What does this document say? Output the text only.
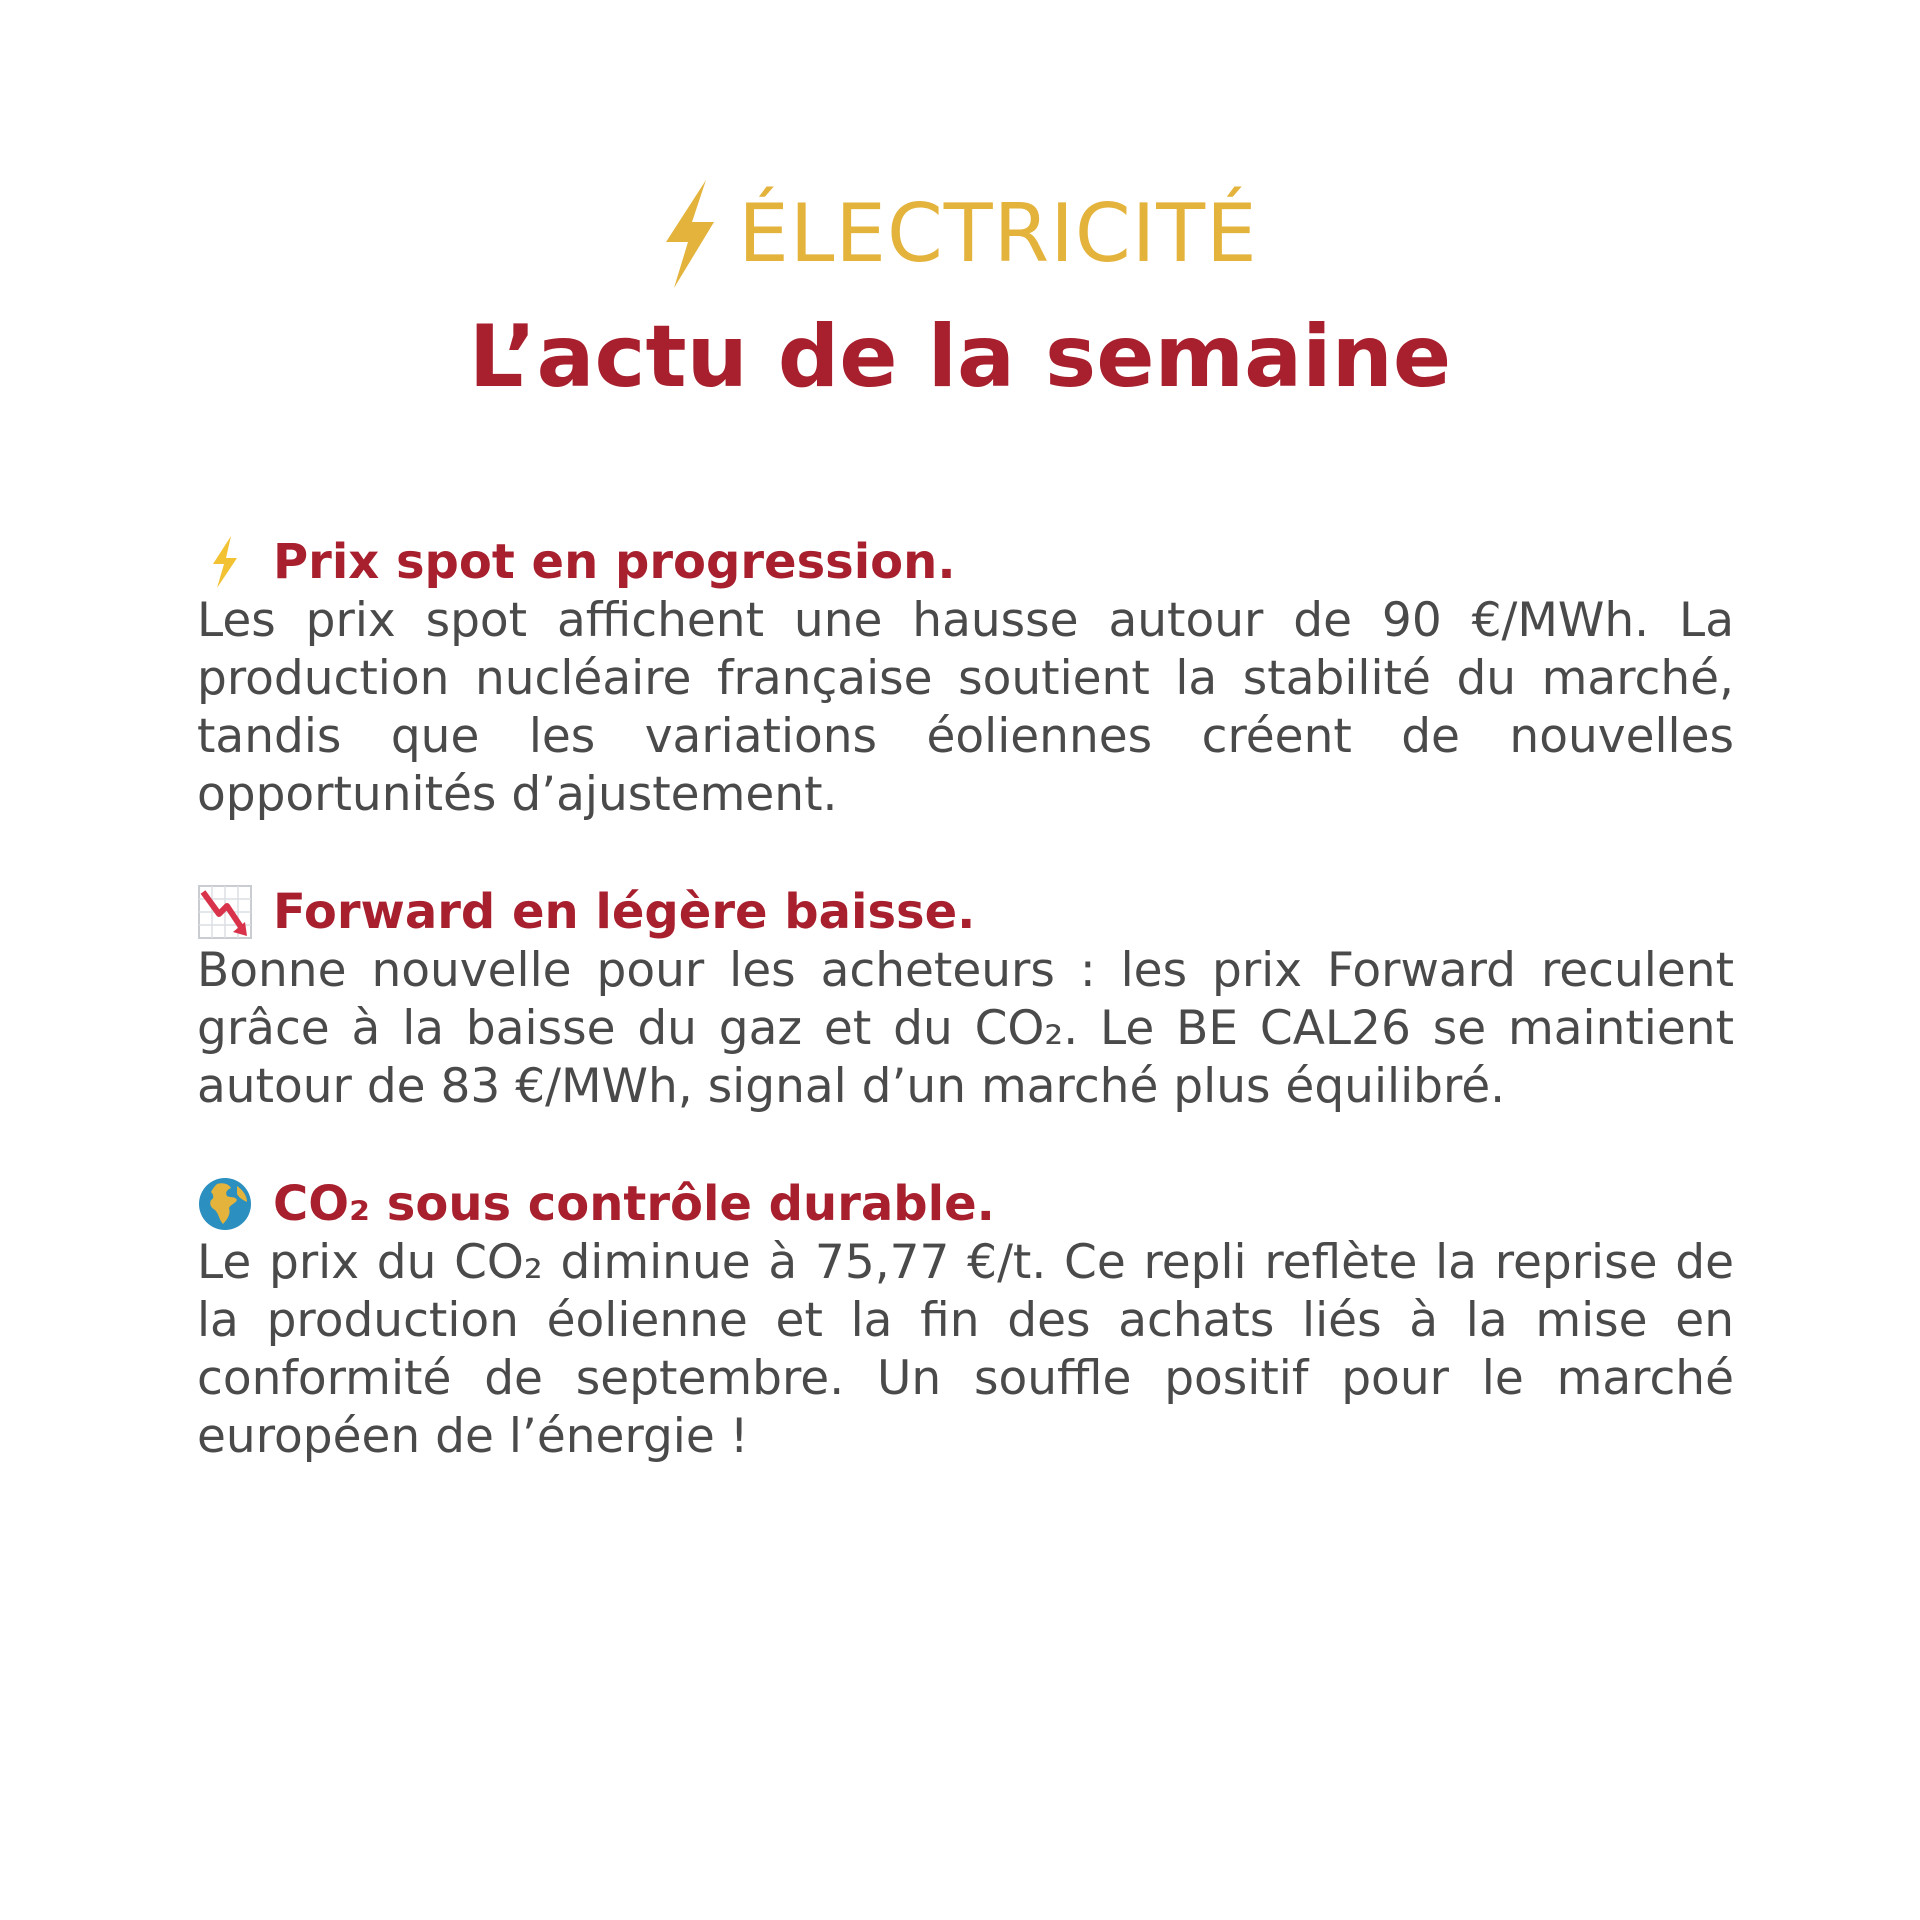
ÉLECTRICITÉ
L’actu de la semaine
Prix spot en progression.

Les prix spot affichent une hausse autour de 90 €/MWh. La production nucléaire française soutient la stabilité du marché, tandis que les variations éoliennes créent de nouvelles opportunités d’ajustement.

Forward en légère baisse.

Bonne nouvelle pour les acheteurs : les prix Forward reculent grâce à la baisse du gaz et du CO₂. Le BE CAL26 se maintient autour de 83 €/MWh, signal d’un marché plus équilibré.

CO₂ sous contrôle durable.

Le prix du CO₂ diminue à 75,77 €/t. Ce repli reflète la reprise de la production éolienne et la fin des achats liés à la mise en conformité de septembre. Un souffle positif pour le marché européen de l’énergie !
